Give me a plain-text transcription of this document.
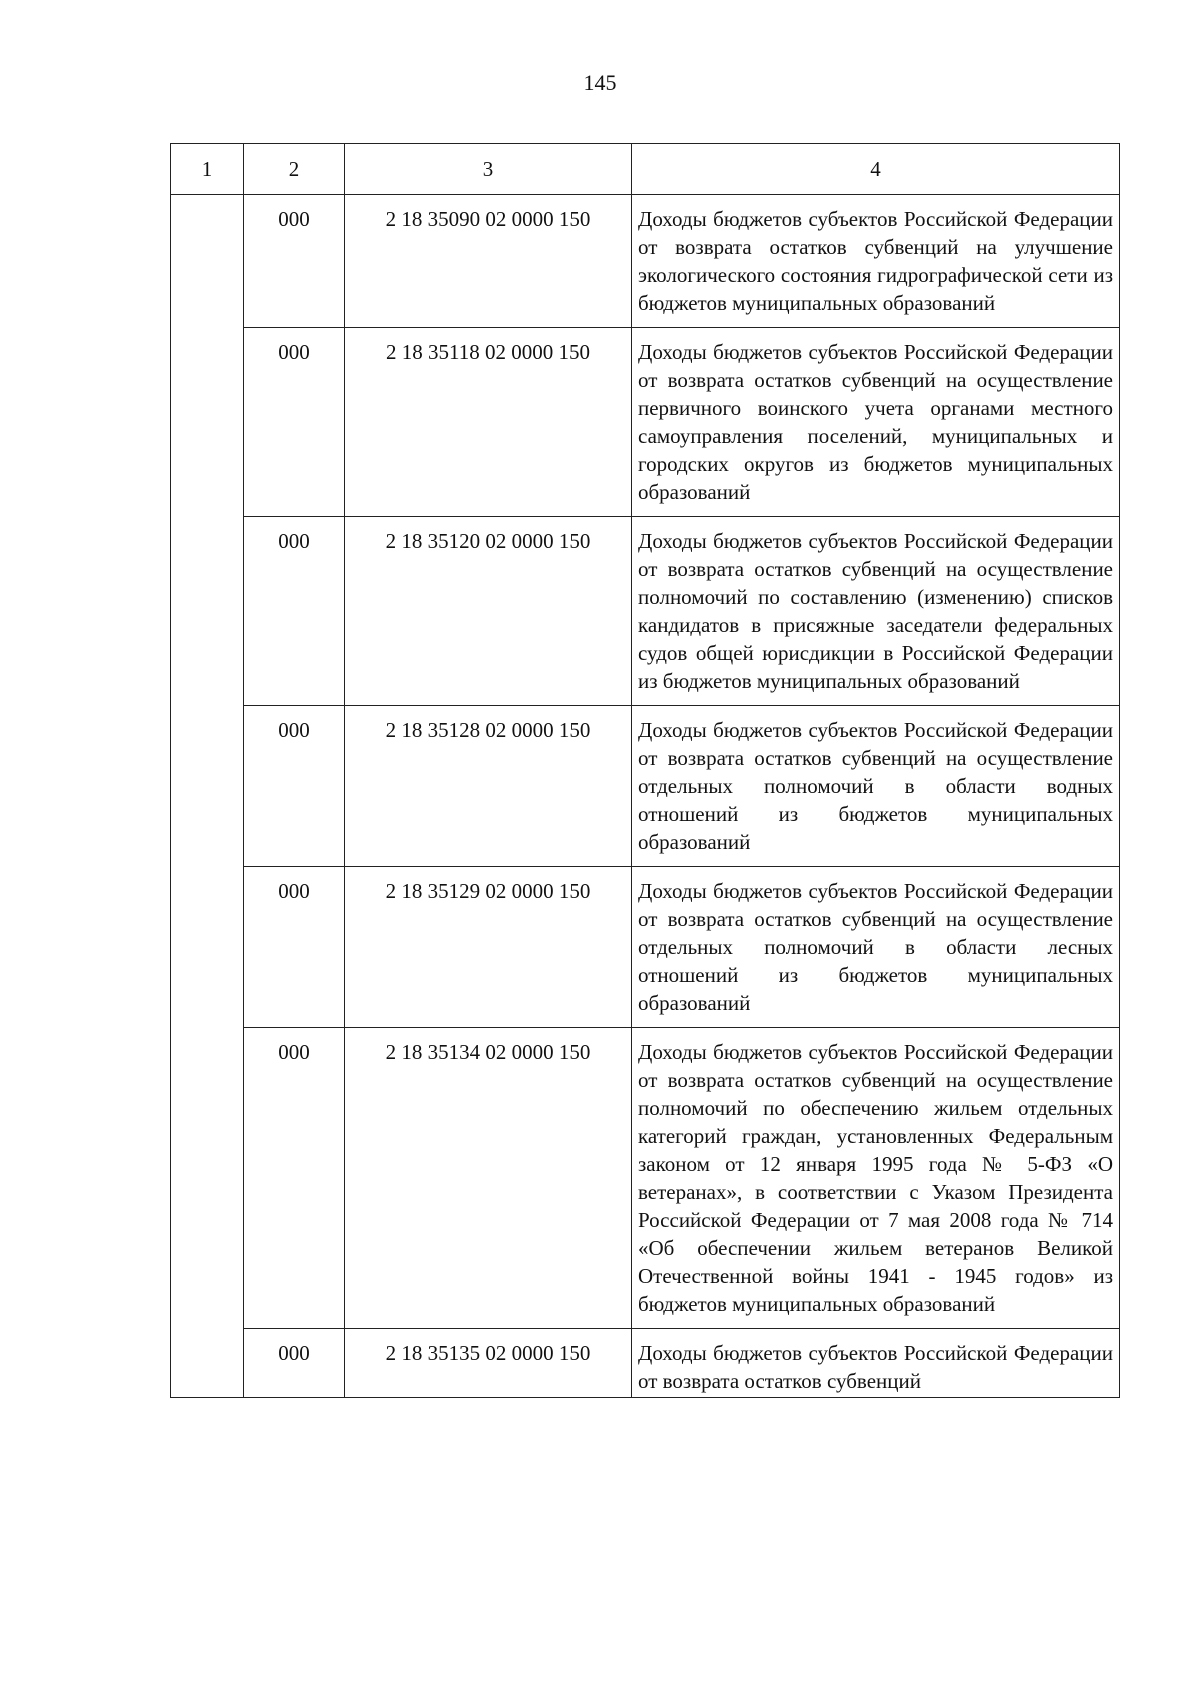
145
1	2	3	4
	000	2 18 35090 02 0000 150	Доходы бюджетов субъектов Российской Федерации от возврата остатков субвенций на улучшение экологического состояния гидрографической сети из бюджетов муниципальных образований
	000	2 18 35118 02 0000 150	Доходы бюджетов субъектов Российской Федерации от возврата остатков субвенций на осуществление первичного воинского учета органами местного самоуправления поселений, муниципальных и городских округов из бюджетов муниципальных образований
	000	2 18 35120 02 0000 150	Доходы бюджетов субъектов Российской Федерации от возврата остатков субвенций на осуществление полномочий по составлению (изменению) списков кандидатов в присяжные заседатели федеральных судов общей юрисдикции в Российской Федерации из бюджетов муниципальных образований
	000	2 18 35128 02 0000 150	Доходы бюджетов субъектов Российской Федерации от возврата остатков субвенций на осуществление отдельных полномочий в области водных отношений из бюджетов муниципальных образований
	000	2 18 35129 02 0000 150	Доходы бюджетов субъектов Российской Федерации от возврата остатков субвенций на осуществление отдельных полномочий в области лесных отношений из бюджетов муниципальных образований
	000	2 18 35134 02 0000 150	Доходы бюджетов субъектов Российской Федерации от возврата остатков субвенций на осуществление полномочий по обеспечению жильем отдельных категорий граждан, установленных Федеральным законом от 12 января 1995 года № 5-ФЗ «О ветеранах», в соответствии с Указом Президента Российской Федерации от 7 мая 2008 года № 714 «Об обеспечении жильем ветеранов Великой Отечественной войны 1941 - 1945 годов» из бюджетов муниципальных образований
	000	2 18 35135 02 0000 150	Доходы бюджетов субъектов Российской Федерации от возврата остатков субвенций
